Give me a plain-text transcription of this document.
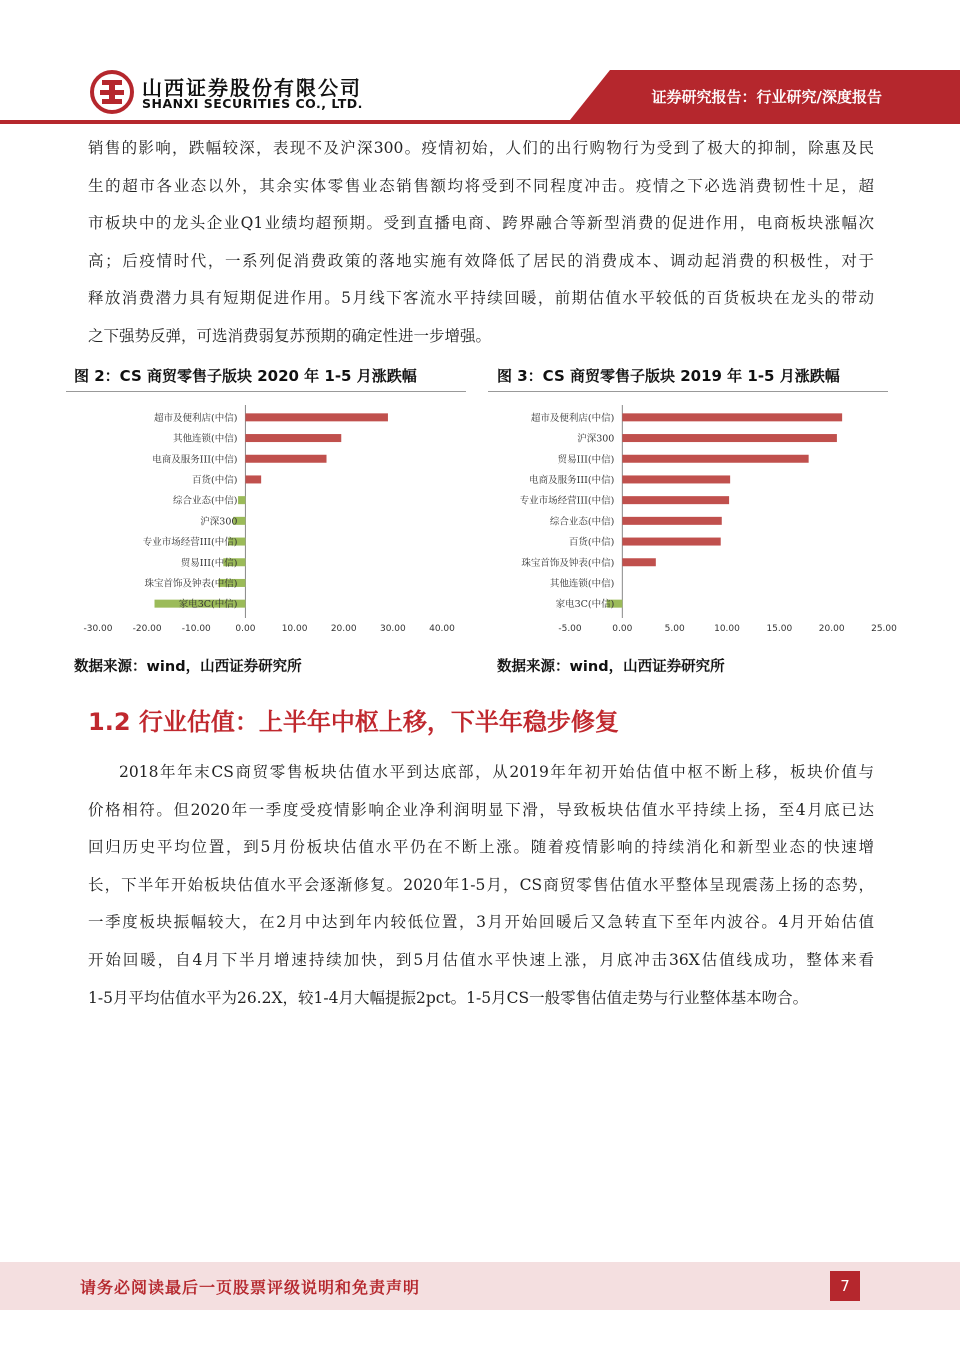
山西证券股份有限公司
SHANXI SECURITIES CO., LTD.	证券研究报告：行业研究/深度报告
销售的影响，跌幅较深，表现不及沪深300。疫情初始，人们的出行购物行为受到了极大的抑制，除惠及民
生的超市各业态以外，其余实体零售业态销售额均将受到不同程度冲击。疫情之下必选消费韧性十足，超
市板块中的龙头企业Q1业绩均超预期。受到直播电商、跨界融合等新型消费的促进作用，电商板块涨幅次
高；后疫情时代，一系列促消费政策的落地实施有效降低了居民的消费成本、调动起消费的积极性，对于
释放消费潜力具有短期促进作用。5月线下客流水平持续回暖，前期估值水平较低的百货板块在龙头的带动
之下强势反弹，可选消费弱复苏预期的确定性进一步增强。
图 2：CS 商贸零售子版块 2020 年 1-5 月涨跌幅
超市及便利店(中信)
其他连锁(中信)
电商及服务III(中信)
百货(中信)
综合业态(中信)
沪深300
专业市场经营III(中信)
贸易III(中信)
珠宝首饰及钟表(中信)
家电3C(中信)
-30.00 -20.00 -10.00	0.00	10.00	20.00	30.00	40.00
数据来源：wind，山西证券研究所
图 3：CS 商贸零售子版块 2019 年 1-5 月涨跌幅
超市及便利店(中信)
沪深300
贸易III(中信)
电商及服务III(中信)
专业市场经营III(中信)
综合业态(中信)
百货(中信)
珠宝首饰及钟表(中信)
其他连锁(中信)
家电3C(中信)
-5.00	0.00	5.00	10.00	15.00	20.00	25.00
数据来源：wind，山西证券研究所
1.2 行业估值：上半年中枢上移，下半年稳步修复
2018年年末CS商贸零售板块估值水平到达底部，从2019年年初开始估值中枢不断上移，板块价值与
价格相符。但2020年一季度受疫情影响企业净利润明显下滑，导致板块估值水平持续上扬，至4月底已达
回归历史平均位置，到5月份板块估值水平仍在不断上涨。随着疫情影响的持续消化和新型业态的快速增
长，下半年开始板块估值水平会逐渐修复。2020年1-5月，CS商贸零售估值水平整体呈现震荡上扬的态势，
一季度板块振幅较大，在2月中达到年内较低位置，3月开始回暖后又急转直下至年内波谷。4月开始估值
开始回暖，自4月下半月增速持续加快，到5月估值水平快速上涨，月底冲击36X估值线成功，整体来看
1-5月平均估值水平为26.2X，较1-4月大幅提振2pct。1-5月CS一般零售估值走势与行业整体基本吻合。
请务必阅读最后一页股票评级说明和免责声明	7
